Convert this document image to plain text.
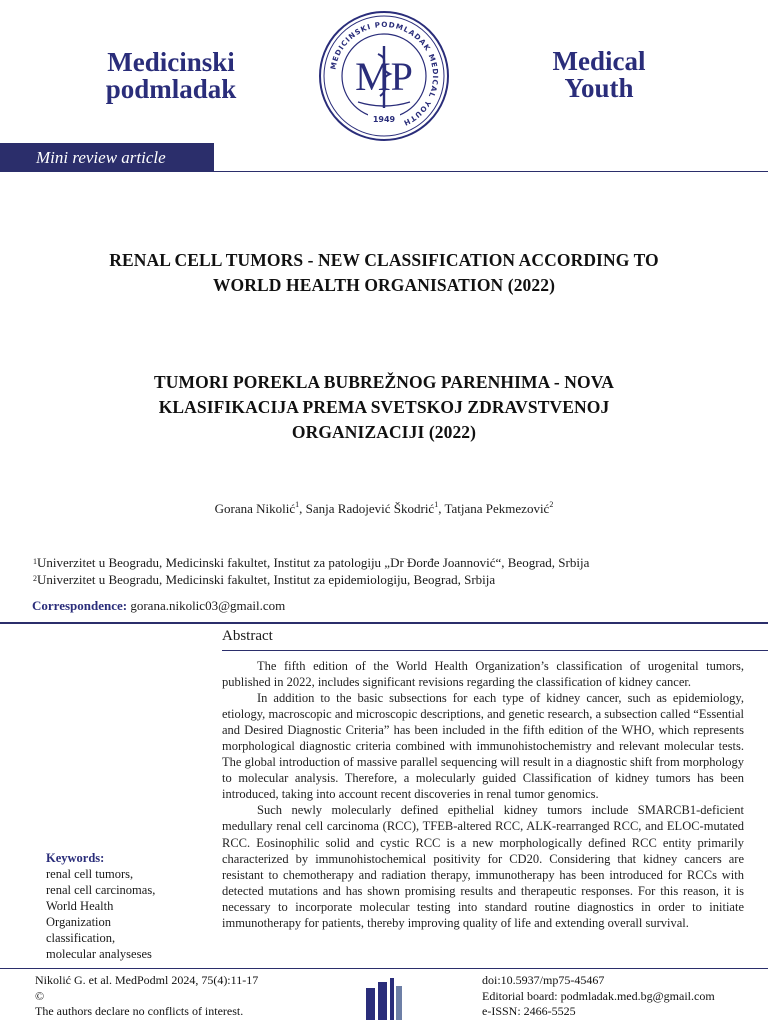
Medicinski
podmladak
Medical
Youth
MEDICINSKI PODMLADAK MEDICAL YOUTH
1949
MP
Mini review article
RENAL CELL TUMORS - NEW CLASSIFICATION ACCORDING TO
WORLD HEALTH ORGANISATION (2022)
TUMORI POREKLA BUBREŽNOG PARENHIMA - NOVA
KLASIFIKACIJA PREMA SVETSKOJ ZDRAVSTVENOJ
ORGANIZACIJI (2022)
Gorana Nikolić$^1$, Sanja Radojević Škodrić$^1$, Tatjana Pekmezović$^2$
$^1$Univerzitet u Beogradu, Medicinski fakultet, Institut za patologiju „Dr Đorđe Joannović“, Beograd, Srbija
$^2$Univerzitet u Beogradu, Medicinski fakultet, Institut za epidemiologiju, Beograd, Srbija
Correspondence: gorana.nikolic03@gmail.com
Abstract

The fifth edition of the World Health Organization’s classification of urogenital tumors, published in 2022, includes significant revisions regarding the classification of kidney cancer.

In addition to the basic subsections for each type of kidney cancer, such as epidemiology, etiology, macroscopic and microscopic descriptions, and genetic research, a subsection called “Essential and Desired Diagnostic Criteria” has been included in the fifth edition of the WHO, which represents morphological diagnostic criteria combined with immunohistochemistry and relevant molecular tests. The global introduction of massive parallel sequencing will result in a diagnostic shift from morphology to molecular analysis. Therefore, a molecularly guided Classification of kidney tumors has been introduced, taking into account recent discoveries in renal tumor genomics.

Such newly molecularly defined epithelial kidney tumors include SMARCB1-deficient medullary renal cell carcinoma (RCC), TFEB-altered RCC, ALK-rearranged RCC, and ELOC-mutated RCC. Eosinophilic solid and cystic RCC is a new morphologically defined RCC entity primarily characterized by immunohistochemical positivity for CD20. Considering that kidney cancers are resistant to chemotherapy and radiation therapy, immunotherapy has been introduced for RCCs with detected mutations and has shown promising results and therapeutic responses. For this reason, it is necessary to incorporate molecular testing into standard routine diagnostics in order to initiate immunotherapy for patients, thereby improving quality of life and extending overall survival.

Keywords:
renal cell tumors,
renal cell carcinomas,
World Health
Organization
classification,
molecular analyseses
Nikolić G. et al. MedPodml 2024, 75(4):11-17
©
The authors declare no conflicts of interest.
doi:10.5937/mp75-45467
Editorial board: podmladak.med.bg@gmail.com
e-ISSN: 2466-5525
